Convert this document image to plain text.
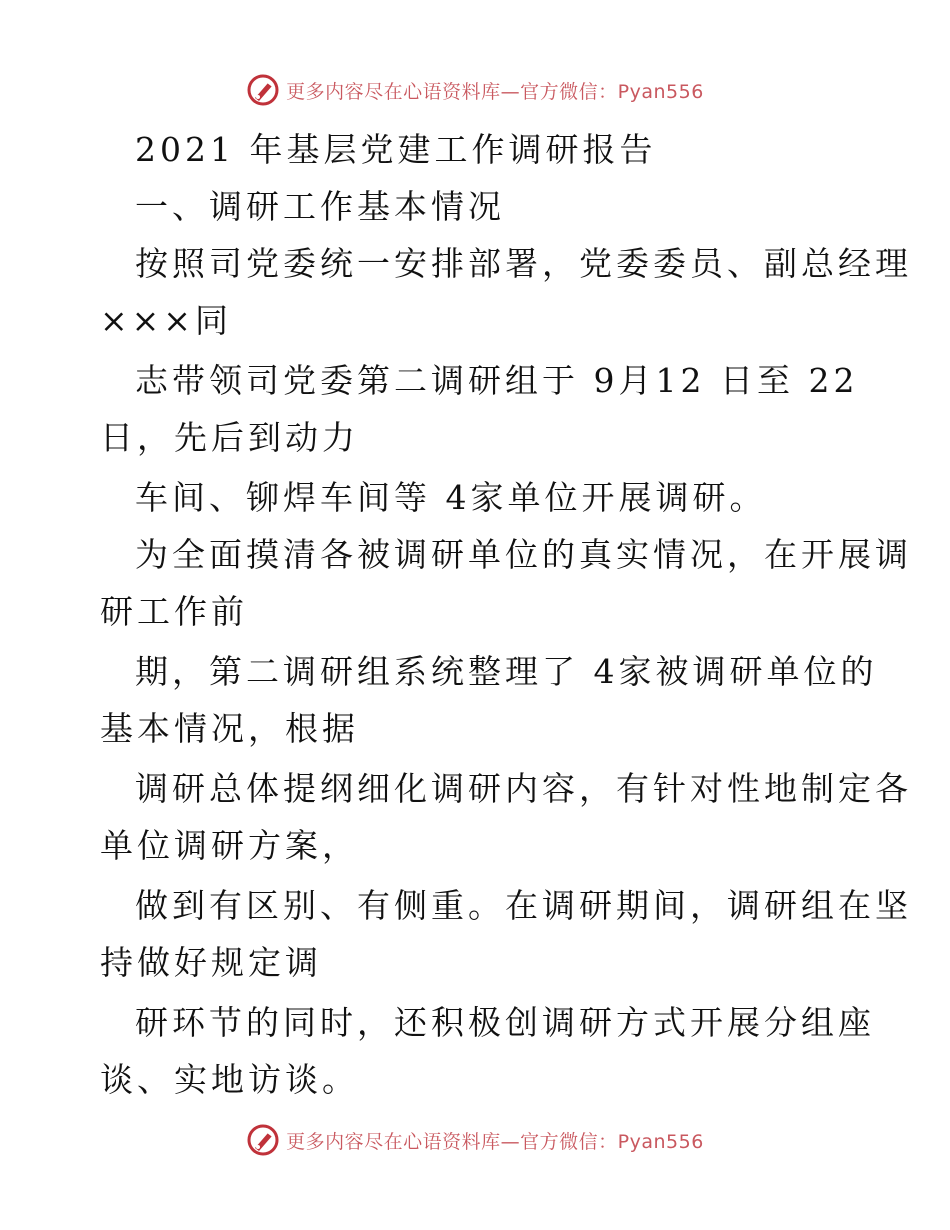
更多内容尽在心语资料库—官方微信：Pyan556
2021 年基层党建工作调研报告
一、调研工作基本情况
按照司党委统一安排部署，党委委员、副总经理
×××同
志带领司党委第二调研组于 9月12 日至 22
日，先后到动力
车间、铆焊车间等 4家单位开展调研。
为全面摸清各被调研单位的真实情况，在开展调
研工作前
期，第二调研组系统整理了 4家被调研单位的
基本情况，根据
调研总体提纲细化调研内容，有针对性地制定各
单位调研方案，
做到有区别、有侧重。在调研期间，调研组在坚
持做好规定调
研环节的同时，还积极创调研方式开展分组座
谈、实地访谈。
更多内容尽在心语资料库—官方微信：Pyan556
